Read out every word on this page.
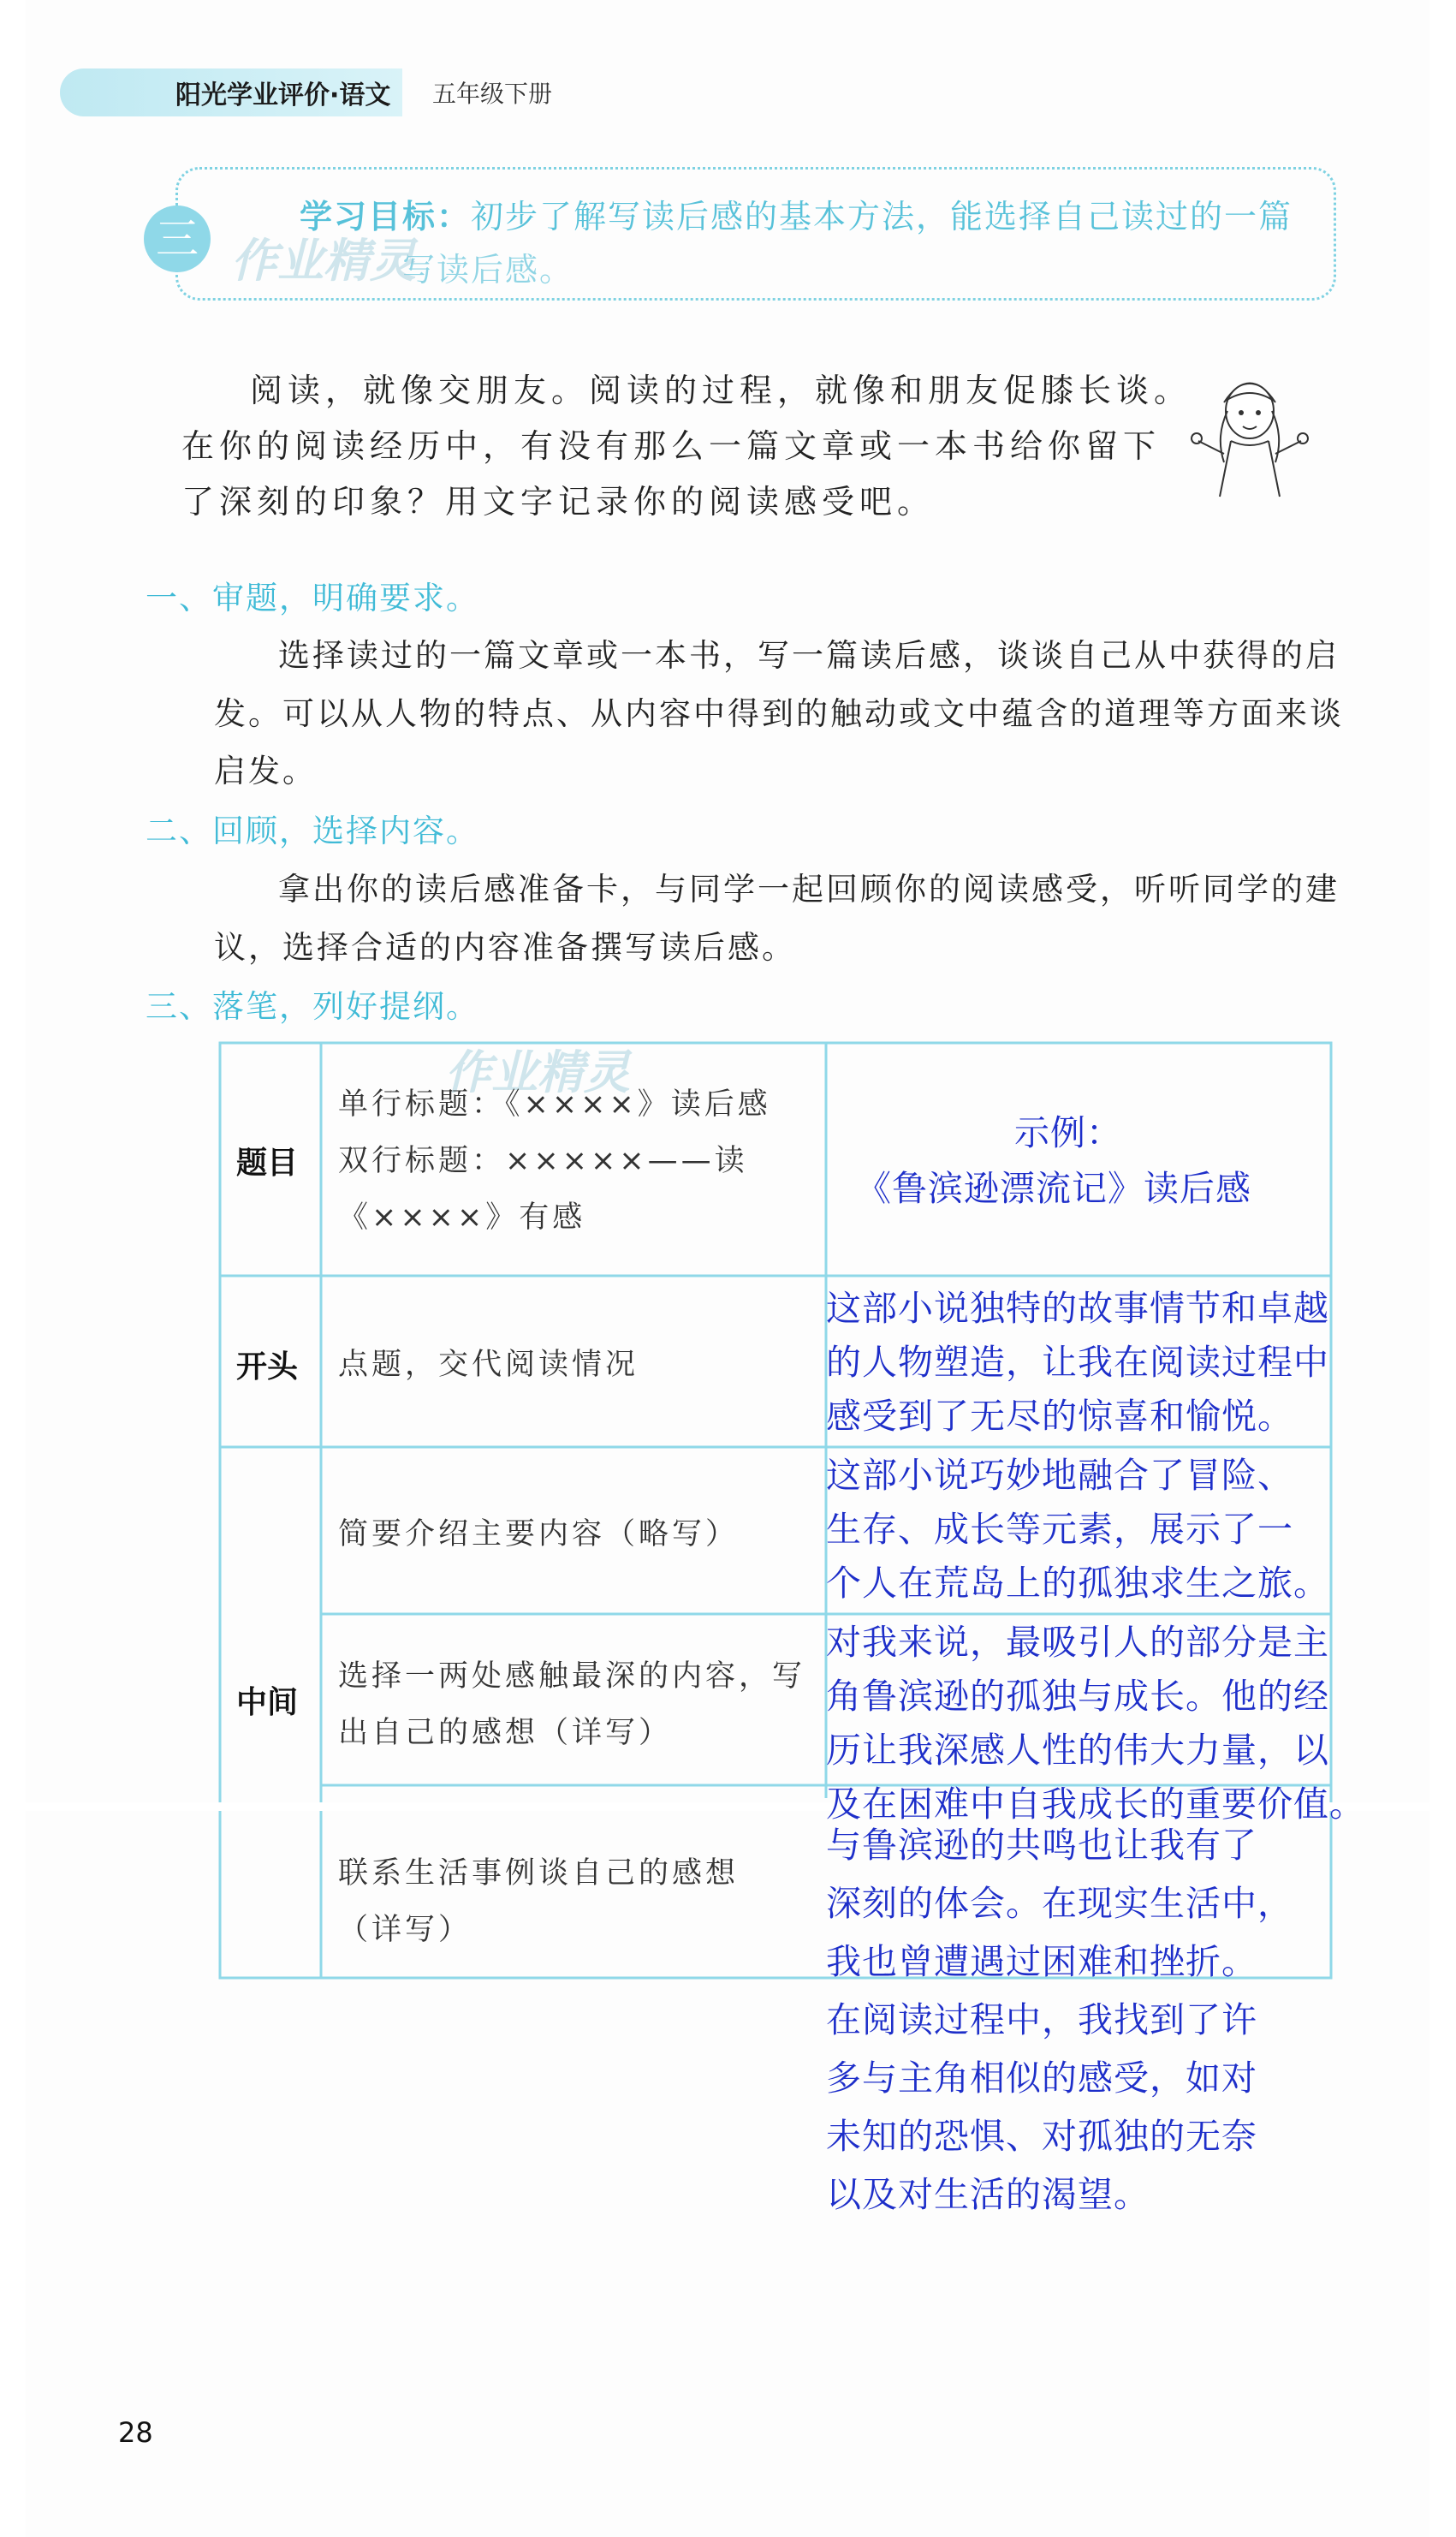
阳光学业评价·语文 五年级下册
三	学习目标：初步了解写读后感的基本方法，能选择自己读过的一篇
写读后感。
作业精灵
阅读，就像交朋友。阅读的过程，就像和朋友促膝长谈。
在你的阅读经历中，有没有那么一篇文章或一本书给你留下
了深刻的印象？用文字记录你的阅读感受吧。
一、审题，明确要求。
选择读过的一篇文章或一本书，写一篇读后感，谈谈自己从中获得的启
发。可以从人物的特点、从内容中得到的触动或文中蕴含的道理等方面来谈
启发。
二、回顾，选择内容。
拿出你的读后感准备卡，与同学一起回顾你的阅读感受，听听同学的建
议，选择合适的内容准备撰写读后感。
三、落笔，列好提纲。
作业精灵
题目
单行标题：《××××》读后感
双行标题：×××××——读
《××××》有感
示例：
《鲁滨逊漂流记》读后感
开头 点题，交代阅读情况
这部小说独特的故事情节和卓越
的人物塑造，让我在阅读过程中
感受到了无尽的惊喜和愉悦。
中间
简要介绍主要内容（略写）
这部小说巧妙地融合了冒险、
生存、成长等元素，展示了一
个人在荒岛上的孤独求生之旅。
选择一两处感触最深的内容，写
出自己的感想（详写）
对我来说，最吸引人的部分是主
角鲁滨逊的孤独与成长。他的经
历让我深感人性的伟大力量，以
及在困难中自我成长的重要价值。
联系生活事例谈自己的感想
（详写）
与鲁滨逊的共鸣也让我有了
深刻的体会。在现实生活中，
我也曾遭遇过困难和挫折。
在阅读过程中，我找到了许
多与主角相似的感受，如对
未知的恐惧、对孤独的无奈
以及对生活的渴望。
28
